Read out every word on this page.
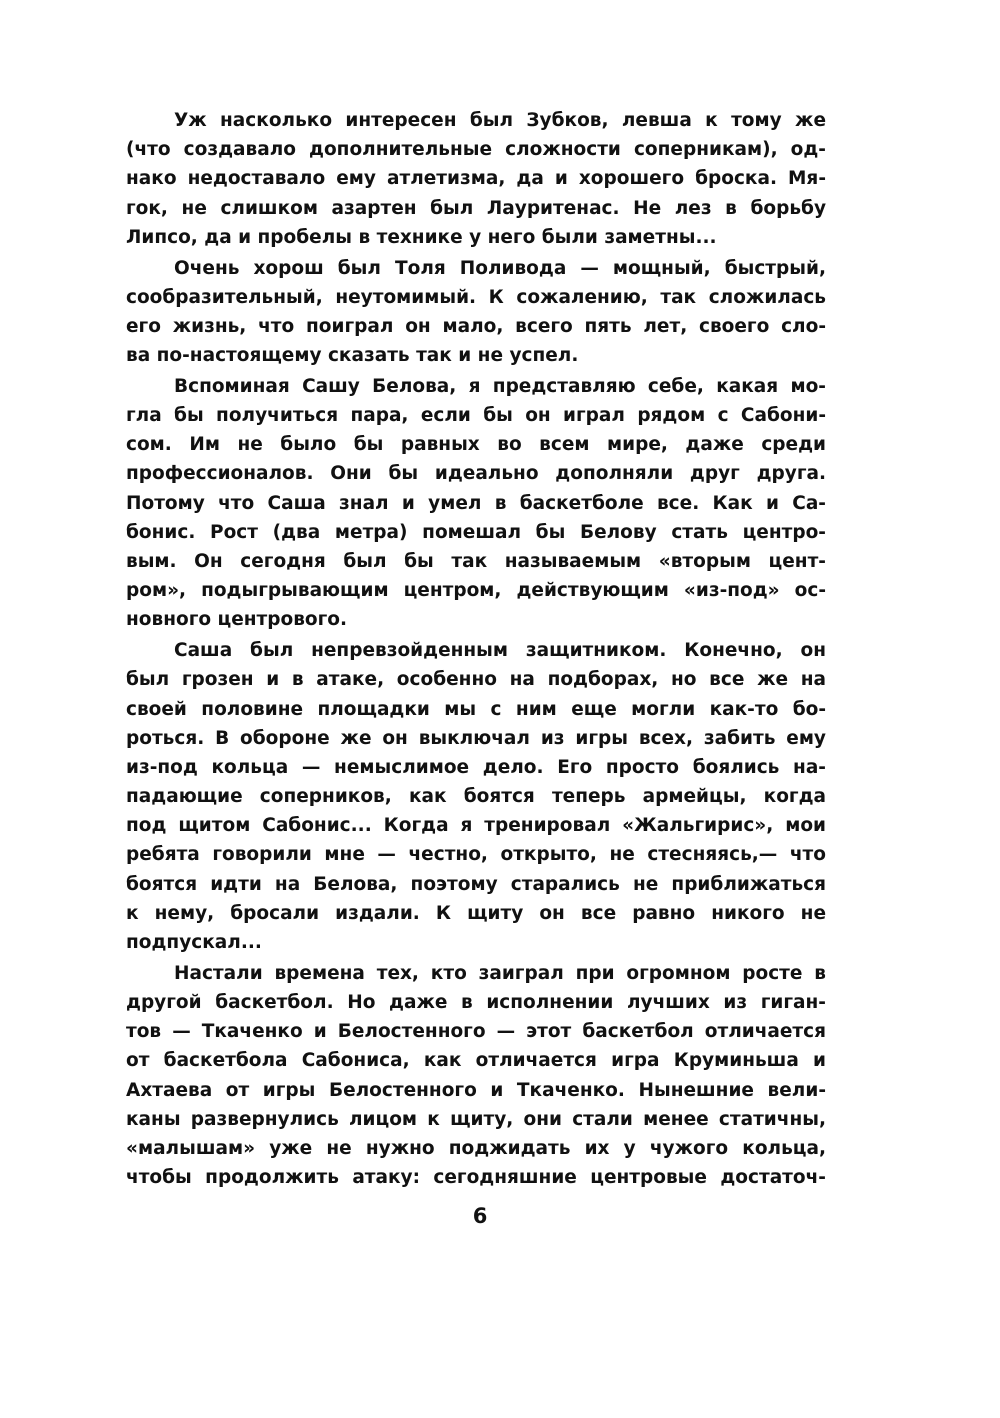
Уж насколько интересен был Зубков, левша к тому же
(что создавало дополнительные сложности соперникам), од-
нако недоставало ему атлетизма, да и хорошего броска. Мя-
гок, не слишком азартен был Лауритенас. Не лез в борьбу
Липсо, да и пробелы в технике у него были заметны...
Очень хорош был Толя Поливода — мощный, быстрый,
сообразительный, неутомимый. К сожалению, так сложилась
его жизнь, что поиграл он мало, всего пять лет, своего сло-
ва по-настоящему сказать так и не успел.
Вспоминая Сашу Белова, я представляю себе, какая мо-
гла бы получиться пара, если бы он играл рядом с Сабони-
сом. Им не было бы равных во всем мире, даже среди
профессионалов. Они бы идеально дополняли друг друга.
Потому что Саша знал и умел в баскетболе все. Как и Са-
бонис. Рост (два метра) помешал бы Белову стать центро-
вым. Он сегодня был бы так называемым «вторым цент-
ром», подыгрывающим центром, действующим «из-под» ос-
новного центрового.
Саша был непревзойденным защитником. Конечно, он
был грозен и в атаке, особенно на подборах, но все же на
своей половине площадки мы с ним еще могли как-то бо-
роться. В обороне же он выключал из игры всех, забить ему
из-под кольца — немыслимое дело. Его просто боялись на-
падающие соперников, как боятся теперь армейцы, когда
под щитом Сабонис... Когда я тренировал «Жальгирис», мои
ребята говорили мне — честно, открыто, не стесняясь,— что
боятся идти на Белова, поэтому старались не приближаться
к нему, бросали издали. К щиту он все равно никого не
подпускал...
Настали времена тех, кто заиграл при огромном росте в
другой баскетбол. Но даже в исполнении лучших из гиган-
тов — Ткаченко и Белостенного — этот баскетбол отличается
от баскетбола Сабониса, как отличается игра Круминьша и
Ахтаева от игры Белостенного и Ткаченко. Нынешние вели-
каны развернулись лицом к щиту, они стали менее статичны,
«малышам» уже не нужно поджидать их у чужого кольца,
чтобы продолжить атаку: сегодняшние центровые достаточ-
6
